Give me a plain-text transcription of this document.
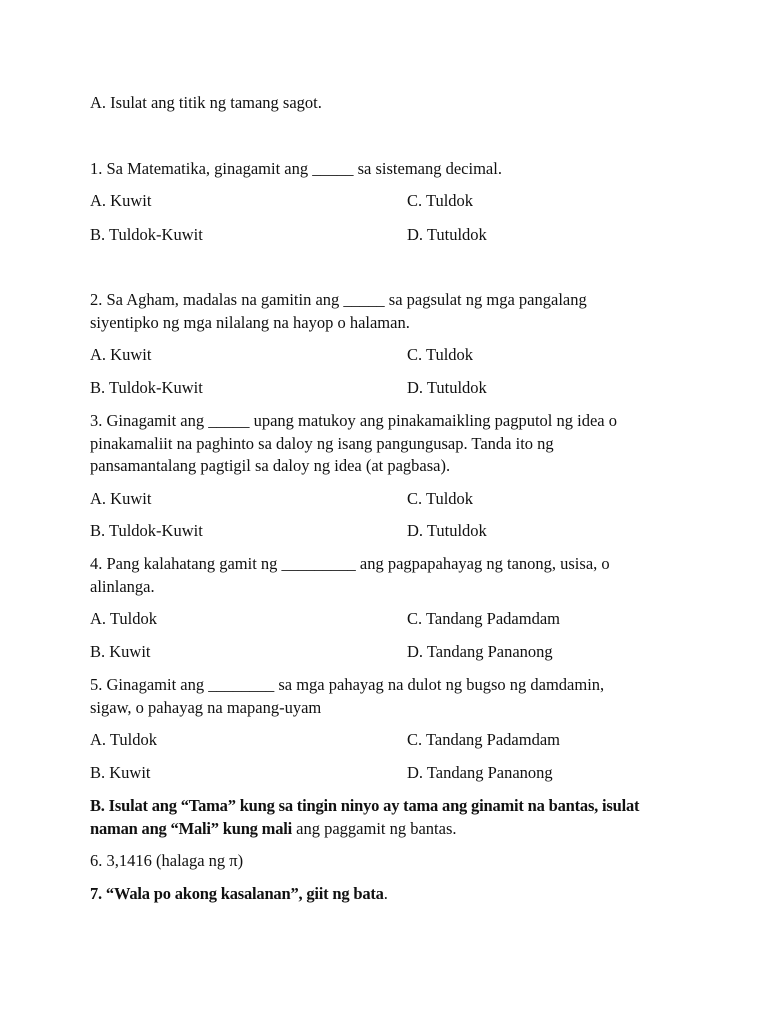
A. Isulat ang titik ng tamang sagot.
1. Sa Matematika, ginagamit ang _____ sa sistemang decimal.
A. Kuwit	C. Tuldok
B. Tuldok-Kuwit	D. Tutuldok
2. Sa Agham, madalas na gamitin ang _____ sa pagsulat ng mga pangalang
siyentipko ng mga nilalang na hayop o halaman.
A. Kuwit	C. Tuldok
B. Tuldok-Kuwit	D. Tutuldok
3. Ginagamit ang _____ upang matukoy ang pinakamaikling pagputol ng idea o
pinakamaliit na paghinto sa daloy ng isang pangungusap. Tanda ito ng
pansamantalang pagtigil sa daloy ng idea (at pagbasa).
A. Kuwit	C. Tuldok
B. Tuldok-Kuwit	D. Tutuldok
4. Pang kalahatang gamit ng _________ ang pagpapahayag ng tanong, usisa, o
alinlanga.
A. Tuldok	C. Tandang Padamdam
B. Kuwit	D. Tandang Pananong
5. Ginagamit ang ________ sa mga pahayag na dulot ng bugso ng damdamin,
sigaw, o pahayag na mapang-uyam
A. Tuldok	C. Tandang Padamdam
B. Kuwit	D. Tandang Pananong
B. Isulat ang “Tama” kung sa tingin ninyo ay tama ang ginamit na bantas, isulat
naman ang “Mali” kung mali ang paggamit ng bantas.
6. 3,1416 (halaga ng π)
7. “Wala po akong kasalanan”, giit ng bata.
